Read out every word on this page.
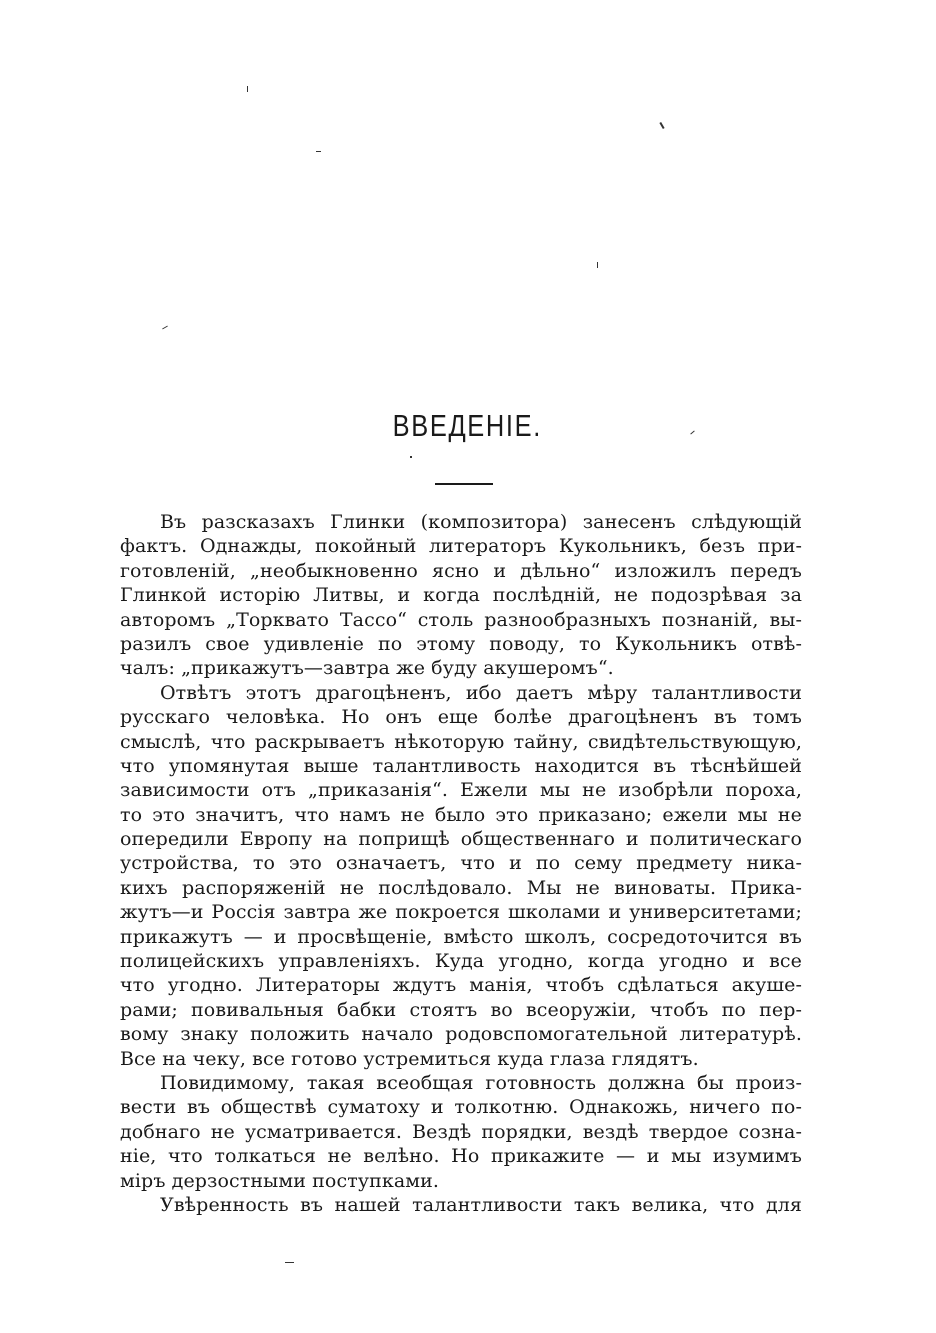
ВВЕДЕНІЕ.
Въ разсказахъ Глинки (композитора) занесенъ слѣдующій
фактъ. Однажды, покойный литераторъ Кукольникъ, безъ при-
готовленій, „необыкновенно ясно и дѣльно“ изложилъ передъ
Глинкой исторію Литвы, и когда послѣдній, не подозрѣвая за
авторомъ „Торквато Тассо“ столь разнообразныхъ познаній, вы-
разилъ свое удивленіе по этому поводу, то Кукольникъ отвѣ-
чалъ: „прикажутъ—завтра же буду акушеромъ“.
Отвѣтъ этотъ драгоцѣненъ, ибо даетъ мѣру талантливости
русскаго человѣка. Но онъ еще болѣе драгоцѣненъ въ томъ
смыслѣ, что раскрываетъ нѣкоторую тайну, свидѣтельствующую,
что упомянутая выше талантливость находится въ тѣснѣйшей
зависимости отъ „приказанія“. Ежели мы не изобрѣли пороха,
то это значитъ, что намъ не было это приказано; ежели мы не
опередили Европу на поприщѣ общественнаго и политическаго
устройства, то это означаетъ, что и по сему предмету ника-
кихъ распоряженій не послѣдовало. Мы не виноваты. Прика-
жутъ—и Россія завтра же покроется школами и университетами;
прикажутъ — и просвѣщеніе, вмѣсто школъ, сосредоточится въ
полицейскихъ управленіяхъ. Куда угодно, когда угодно и все
что угодно. Литераторы ждутъ манія, чтобъ сдѣлаться акуше-
рами; повивальныя бабки стоятъ во всеоружіи, чтобъ по пер-
вому знаку положить начало родовспомогательной литературѣ.
Все на чеку, все готово устремиться куда глаза глядятъ.
Повидимому, такая всеобщая готовность должна бы произ-
вести въ обществѣ суматоху и толкотню. Однакожь, ничего по-
добнаго не усматривается. Вездѣ порядки, вездѣ твердое созна-
ніе, что толкаться не велѣно. Но прикажите — и мы изумимъ
міръ дерзостными поступками.
Увѣренность въ нашей талантливости такъ велика, что для
